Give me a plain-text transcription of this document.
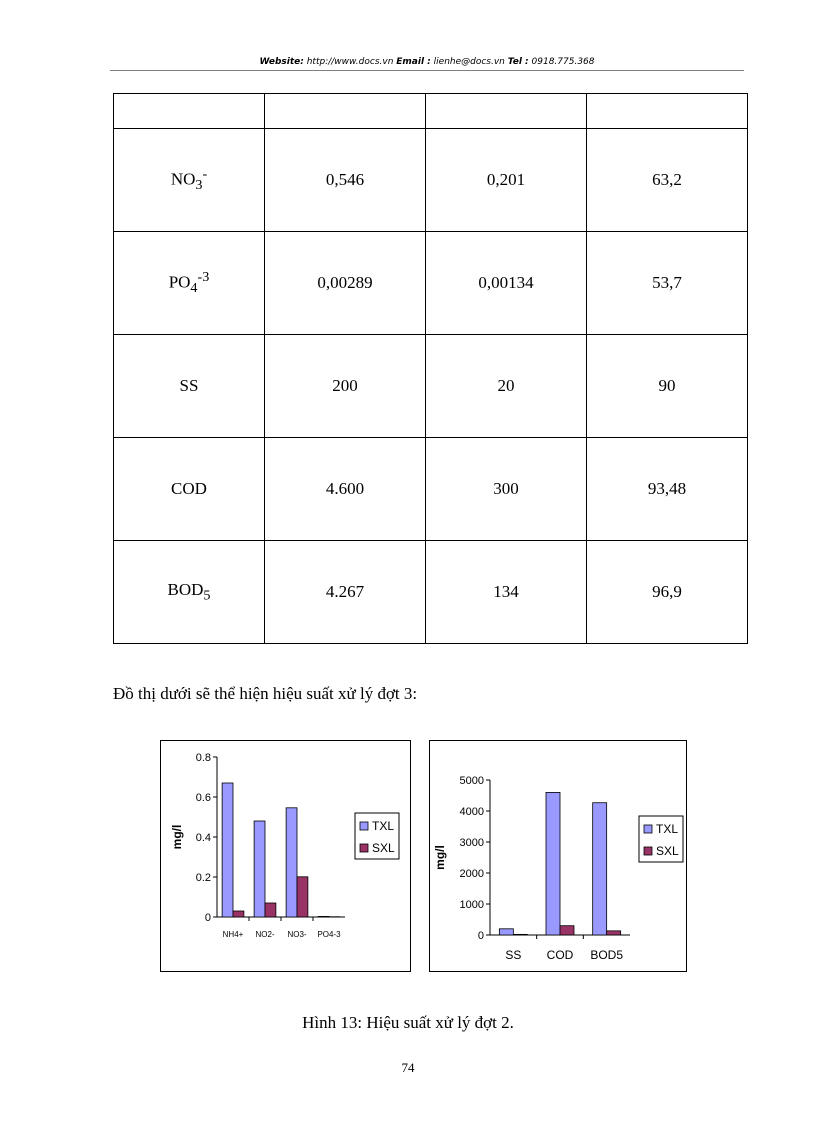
Website: http://www.docs.vn Email : lienhe@docs.vn Tel : 0918.775.368

$NO_3^-$	0,546	0,201	63,2
$PO_4^{-3}$	0,00289	0,00134	53,7
SS	200	20	90
COD	4.600	300	93,48
$BOD_5$	4.267	134	96,9
Đồ thị dưới sẽ thể hiện hiệu suất xử lý đợt 3:
0
0.2
0.4
0.6
0.8
mg/l
NH4+ NO2- NO3- PO4-3
TXL
SXL
0
1000
2000
3000
4000
5000
mg/l
SS COD BOD5
TXL
SXL
Hình 13: Hiệu suất xử lý đợt 2.
74
